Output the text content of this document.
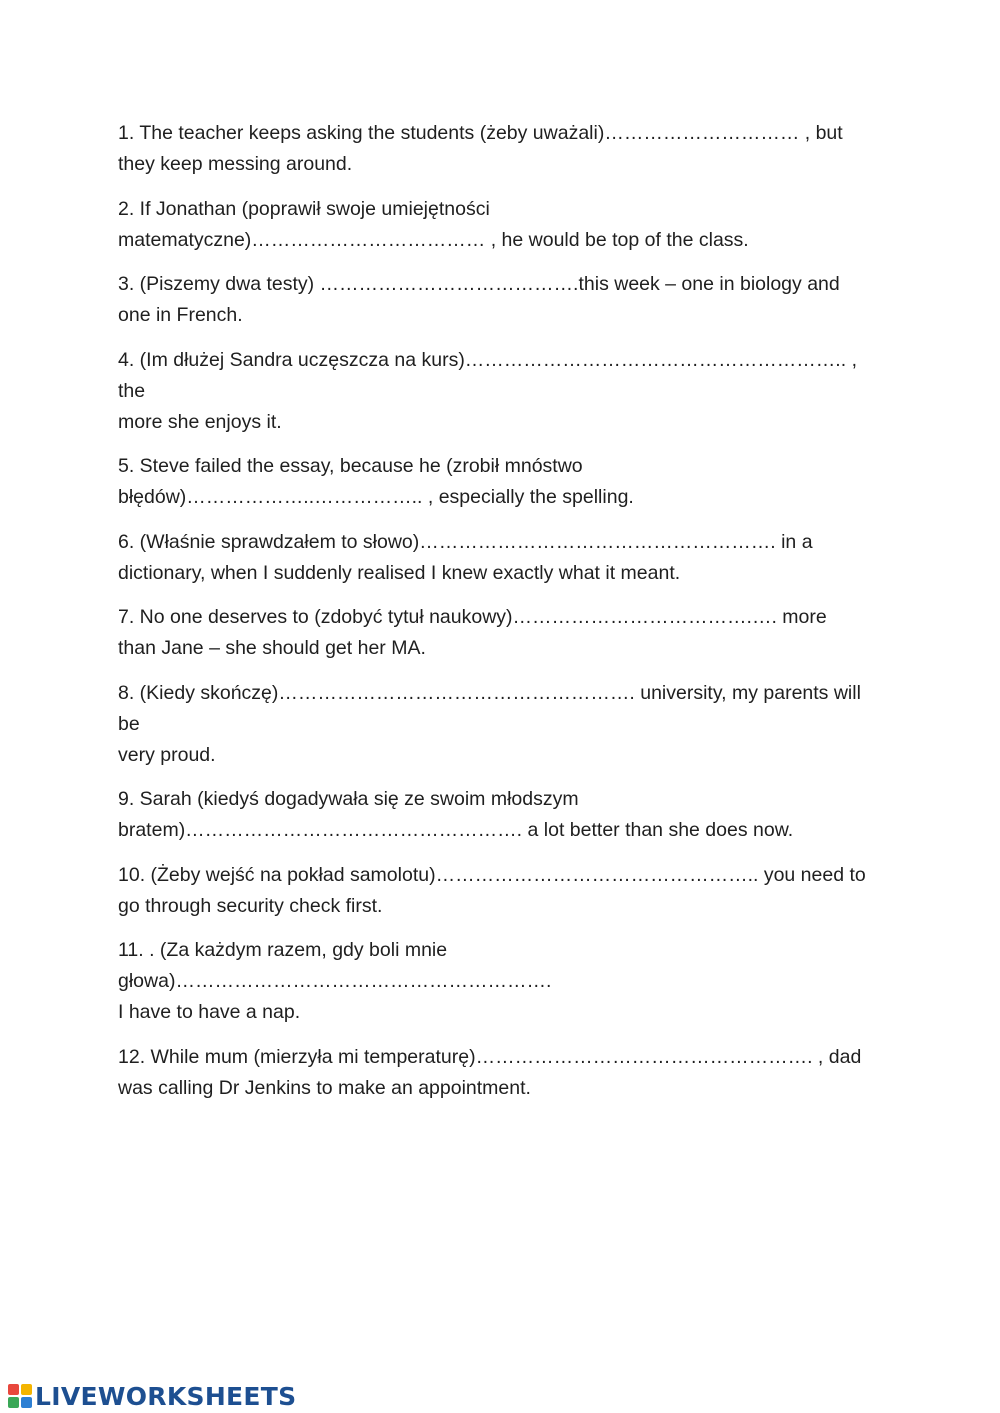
1. The teacher keeps asking the students (żeby uważali)………………………… , but
they keep messing around.

2. If Jonathan (poprawił swoje umiejętności
matematyczne)……………………………… , he would be top of the class.

3. (Piszemy dwa testy) ………………………………….this week – one in biology and
one in French.

4. (Im dłużej Sandra uczęszcza na kurs)………………………………………………….. , the
more she enjoys it.

5. Steve failed the essay, because he (zrobił mnóstwo
błędów)………………..…………….. , especially the spelling.

6. (Właśnie sprawdzałem to słowo)………………………………………………. in a
dictionary, when I suddenly realised I knew exactly what it meant.

7. No one deserves to (zdobyć tytuł naukowy)……………………………….…. more
than Jane – she should get her MA.

8. (Kiedy skończę)………………………………………………. university, my parents will be
very proud.

9. Sarah (kiedyś dogadywała się ze swoim młodszym
bratem)……………………………………………. a lot better than she does now.

10. (Żeby wejść na pokład samolotu)………………………………………….. you need to
go through security check first.

11. . (Za każdym razem, gdy boli mnie głowa)………………………………………………….
I have to have a nap.

12. While mum (mierzyła mi temperaturę)……………………………………………. , dad
was calling Dr Jenkins to make an appointment.

LIVEWORKSHEETS
